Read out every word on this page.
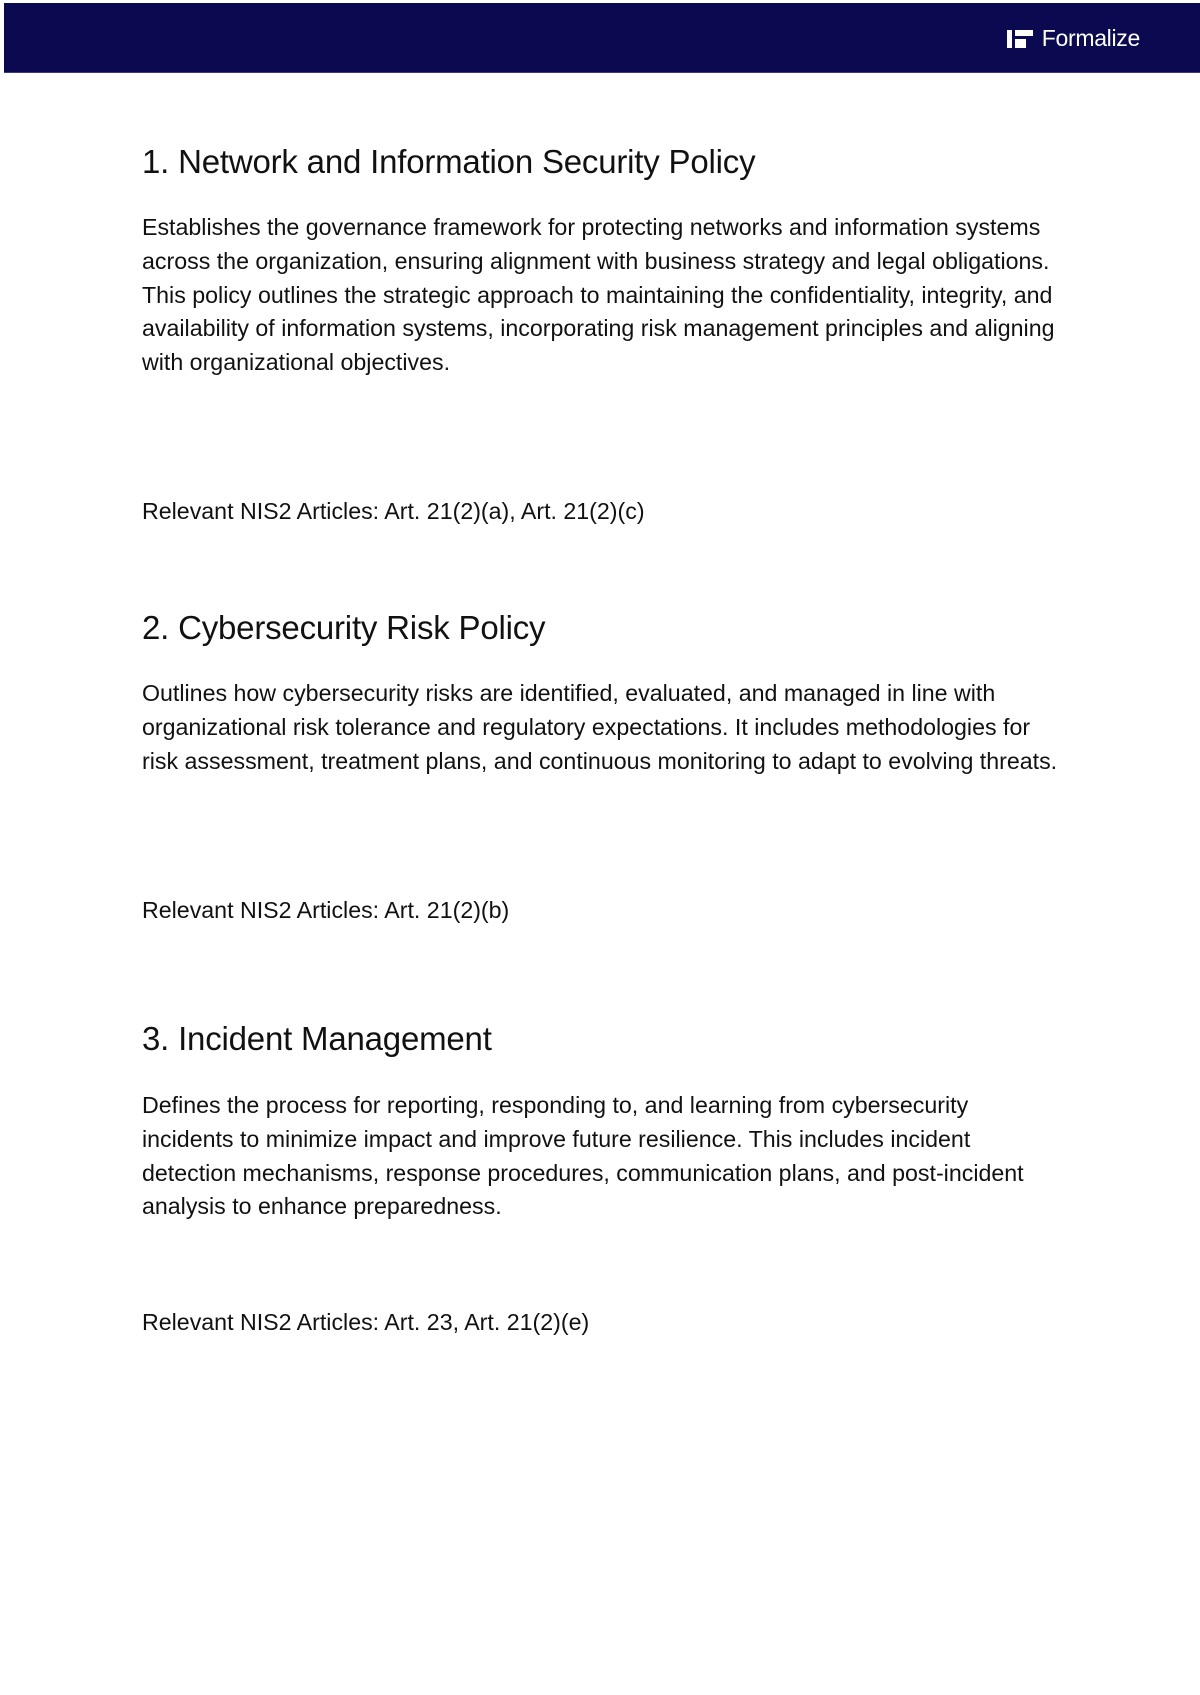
Formalize
1. Network and Information Security Policy

Establishes the governance framework for protecting networks and information systems across the organization, ensuring alignment with business strategy and legal obligations. This policy outlines the strategic approach to maintaining the confidentiality, integrity, and availability of information systems, incorporating risk management principles and aligning with organizational objectives.

Relevant NIS2 Articles: Art. 21(2)(a), Art. 21(2)(c)

2. Cybersecurity Risk Policy

Outlines how cybersecurity risks are identified, evaluated, and managed in line with organizational risk tolerance and regulatory expectations. It includes methodologies for risk assessment, treatment plans, and continuous monitoring to adapt to evolving threats.

Relevant NIS2 Articles: Art. 21(2)(b)

3. Incident Management

Defines the process for reporting, responding to, and learning from cybersecurity incidents to minimize impact and improve future resilience. This includes incident detection mechanisms, response procedures, communication plans, and post-incident analysis to enhance preparedness.

Relevant NIS2 Articles: Art. 23, Art. 21(2)(e)
